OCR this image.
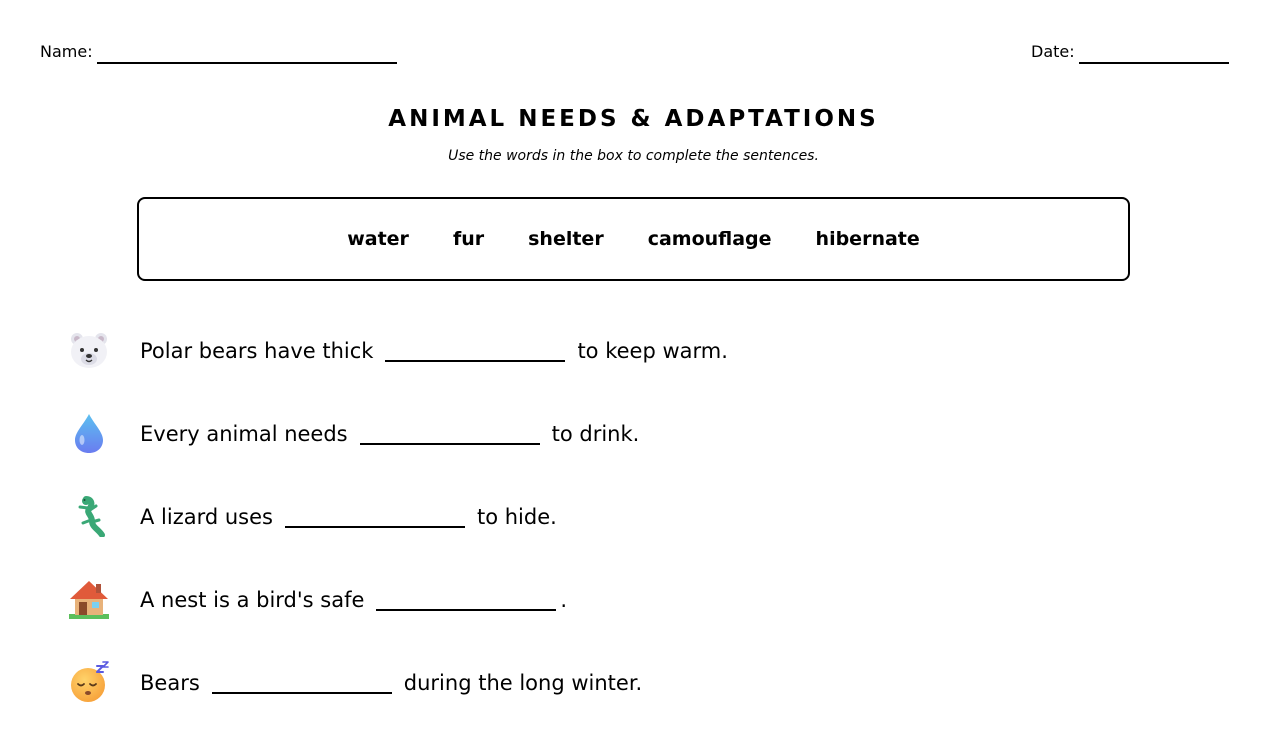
Name:	Date:
ANIMAL NEEDS & ADAPTATIONS
Use the words in the box to complete the sentences.
water fur shelter camouflage hibernate
Polar bears have thick	to keep warm.
Every animal needs	to drink.
A lizard uses	to hide.
A nest is a bird's safe	.
Bears	during the long winter.
